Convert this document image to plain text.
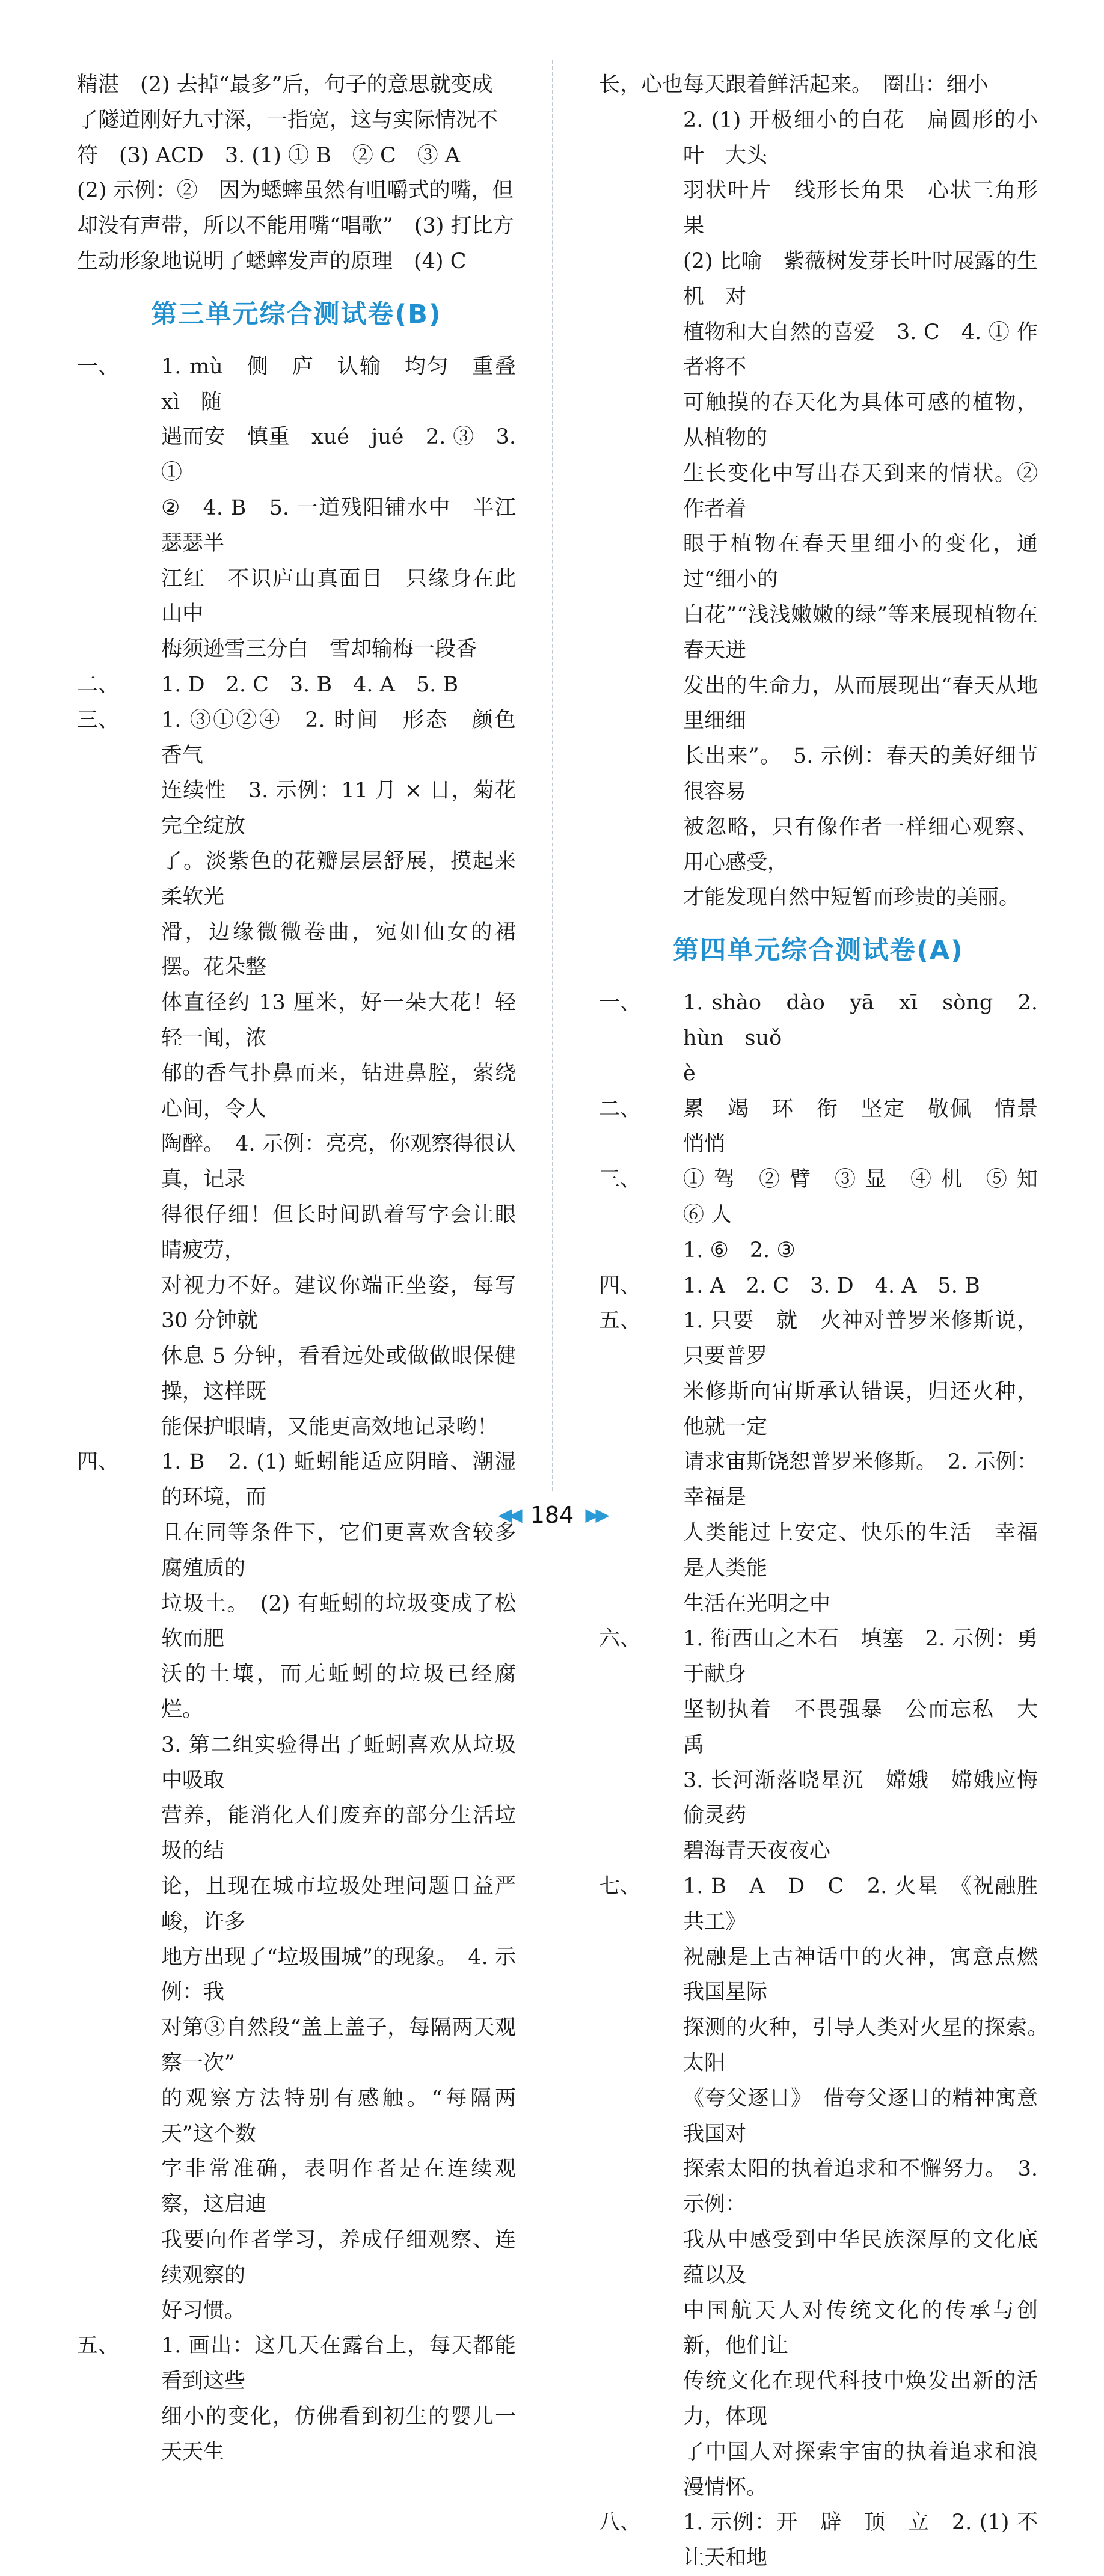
精湛　(2) 去掉“最多”后，句子的意思就变成

了隧道刚好九寸深，一指宽，这与实际情况不

符　(3) ACD　3. (1) ① B　② C　③ A

(2) 示例：②　因为蟋蟀虽然有咀嚼式的嘴，但

却没有声带，所以不能用嘴“唱歌”　(3) 打比方

生动形象地说明了蟋蟀发声的原理　(4) C

第三单元综合测试卷(B)
一、	1. mù　侧　庐　认输　均匀　重叠　xì　随

遇而安　慎重　xué　jué　2. ③　3. ①

②　4. B　5. 一道残阳铺水中　半江瑟瑟半

江红　不识庐山真面目　只缘身在此山中

梅须逊雪三分白　雪却输梅一段香

二、	1. D　2. C　3. B　4. A　5. B

三、	1. ③①②④　2. 时间　形态　颜色　香气

连续性　3. 示例：11 月 × 日，菊花完全绽放

了。淡紫色的花瓣层层舒展，摸起来柔软光

滑，边缘微微卷曲，宛如仙女的裙摆。花朵整

体直径约 13 厘米，好一朵大花！轻轻一闻，浓

郁的香气扑鼻而来，钻进鼻腔，萦绕心间，令人

陶醉。　4. 示例：亮亮，你观察得很认真，记录

得很仔细！但长时间趴着写字会让眼睛疲劳，

对视力不好。建议你端正坐姿，每写 30 分钟就

休息 5 分钟，看看远处或做做眼保健操，这样既

能保护眼睛，又能更高效地记录哟！

四、	1. B　2. (1) 蚯蚓能适应阴暗、潮湿的环境，而

且在同等条件下，它们更喜欢含较多腐殖质的

垃圾土。　(2) 有蚯蚓的垃圾变成了松软而肥

沃的土壤，而无蚯蚓的垃圾已经腐烂。

3. 第二组实验得出了蚯蚓喜欢从垃圾中吸取

营养，能消化人们废弃的部分生活垃圾的结

论，且现在城市垃圾处理问题日益严峻，许多

地方出现了“垃圾围城”的现象。　4. 示例：我

对第③自然段“盖上盖子，每隔两天观察一次”

的观察方法特别有感触。“每隔两天”这个数

字非常准确，表明作者是在连续观察，这启迪

我要向作者学习，养成仔细观察、连续观察的

好习惯。

五、	1. 画出：这几天在露台上，每天都能看到这些

细小的变化，仿佛看到初生的婴儿一天天生

长，心也每天跟着鲜活起来。　圈出：细小

2. (1) 开极细小的白花　扁圆形的小叶　大头

羽状叶片　线形长角果　心状三角形果

(2) 比喻　紫薇树发芽长叶时展露的生机　对

植物和大自然的喜爱　3. C　4. ① 作者将不

可触摸的春天化为具体可感的植物，从植物的

生长变化中写出春天到来的情状。② 作者着

眼于植物在春天里细小的变化，通过“细小的

白花”“浅浅嫩嫩的绿”等来展现植物在春天迸

发出的生命力，从而展现出“春天从地里细细

长出来”。　5. 示例：春天的美好细节很容易

被忽略，只有像作者一样细心观察、用心感受，

才能发现自然中短暂而珍贵的美丽。

第四单元综合测试卷(A)
一、	1. shào　dào　yā　xī　sòng　2. hùn　suǒ

è

二、	累　竭　环　衔　坚定　敬佩　情景　悄悄

三、	① 驾　② 臂　③ 显　④ 机　⑤ 知　⑥ 人

1. ⑥　2. ③

四、	1. A　2. C　3. D　4. A　5. B

五、	1. 只要　就　火神对普罗米修斯说，只要普罗

米修斯向宙斯承认错误，归还火种，他就一定

请求宙斯饶恕普罗米修斯。　2. 示例：幸福是

人类能过上安定、快乐的生活　幸福是人类能

生活在光明之中

六、	1. 衔西山之木石　填塞　2. 示例：勇于献身

坚韧执着　不畏强暴　公而忘私　大禹

3. 长河渐落晓星沉　嫦娥　嫦娥应悔偷灵药

碧海青天夜夜心

七、	1. B　A　D　C　2. 火星　《祝融胜共工》

祝融是上古神话中的火神，寓意点燃我国星际

探测的火种，引导人类对火星的探索。　太阳

《夸父逐日》　借夸父逐日的精神寓意我国对

探索太阳的执着追求和不懈努力。　3. 示例：

我从中感受到中华民族深厚的文化底蕴以及

中国航天人对传统文化的传承与创新，他们让

传统文化在现代科技中焕发出新的活力，体现

了中国人对探索宇宙的执着追求和浪漫情怀。

八、	1. 示例：开　辟　顶　立　2. (1) 不让天和地

◀◀ 184 ▶▶
